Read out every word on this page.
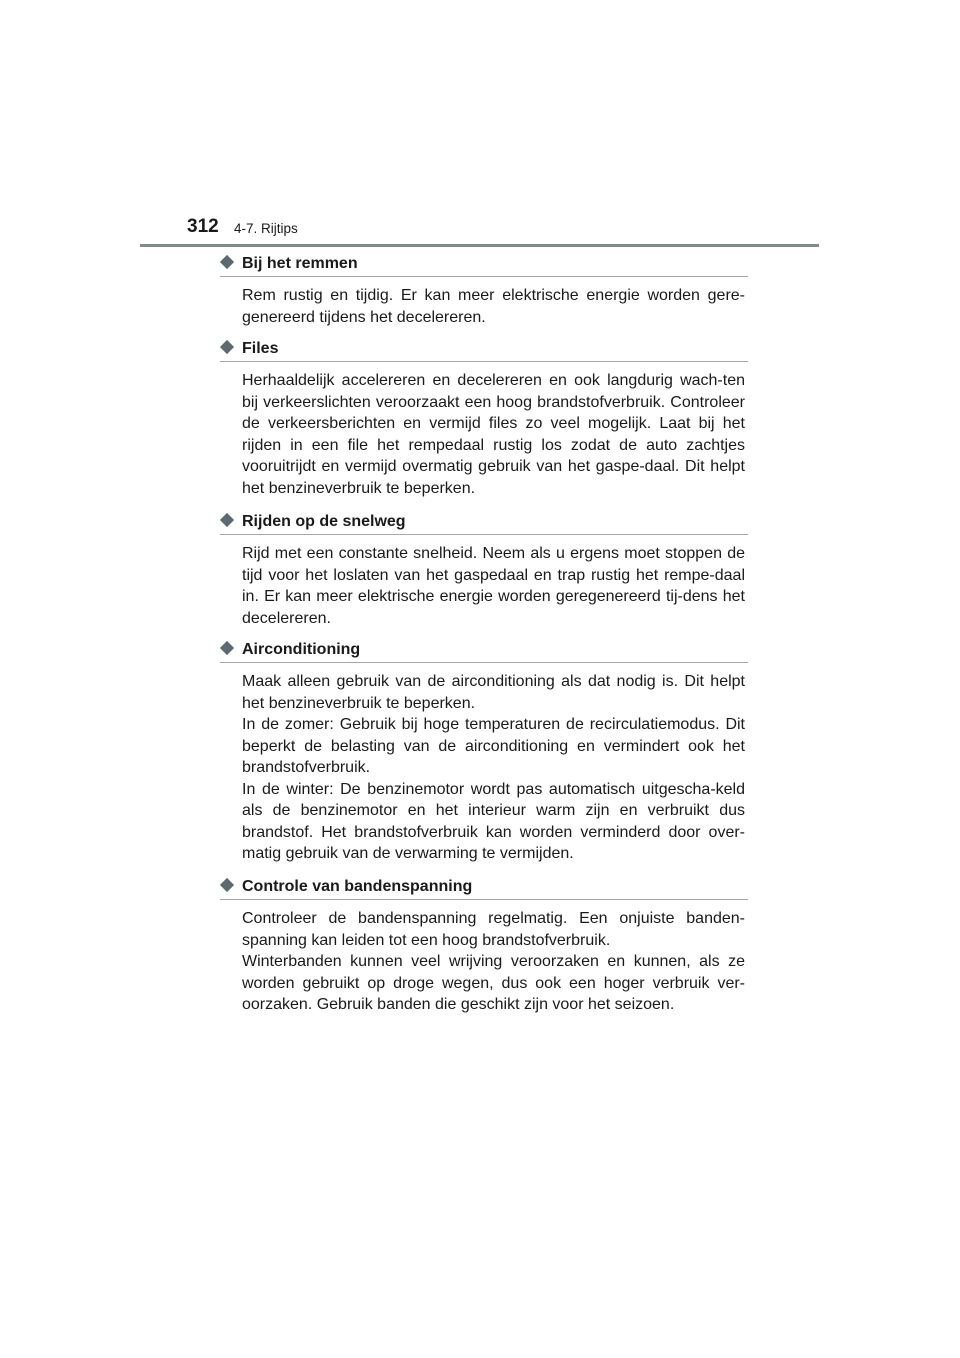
312 4-7. Rijtips
Bij het remmen

Rem rustig en tijdig. Er kan meer elektrische energie worden gere-genereerd tijdens het decelereren.

Files

Herhaaldelijk accelereren en decelereren en ook langdurig wach-ten bij verkeerslichten veroorzaakt een hoog brandstofverbruik. Controleer de verkeersberichten en vermijd files zo veel mogelijk. Laat bij het rijden in een file het rempedaal rustig los zodat de auto zachtjes vooruitrijdt en vermijd overmatig gebruik van het gaspe-daal. Dit helpt het benzineverbruik te beperken.

Rijden op de snelweg

Rijd met een constante snelheid. Neem als u ergens moet stoppen de tijd voor het loslaten van het gaspedaal en trap rustig het rempe-daal in. Er kan meer elektrische energie worden geregenereerd tij-dens het decelereren.

Airconditioning

Maak alleen gebruik van de airconditioning als dat nodig is. Dit helpt het benzineverbruik te beperken.

In de zomer: Gebruik bij hoge temperaturen de recirculatiemodus. Dit beperkt de belasting van de airconditioning en vermindert ook het brandstofverbruik.

In de winter: De benzinemotor wordt pas automatisch uitgescha-keld als de benzinemotor en het interieur warm zijn en verbruikt dus brandstof. Het brandstofverbruik kan worden verminderd door over-matig gebruik van de verwarming te vermijden.

Controle van bandenspanning

Controleer de bandenspanning regelmatig. Een onjuiste banden-spanning kan leiden tot een hoog brandstofverbruik.

Winterbanden kunnen veel wrijving veroorzaken en kunnen, als ze worden gebruikt op droge wegen, dus ook een hoger verbruik ver-oorzaken. Gebruik banden die geschikt zijn voor het seizoen.
